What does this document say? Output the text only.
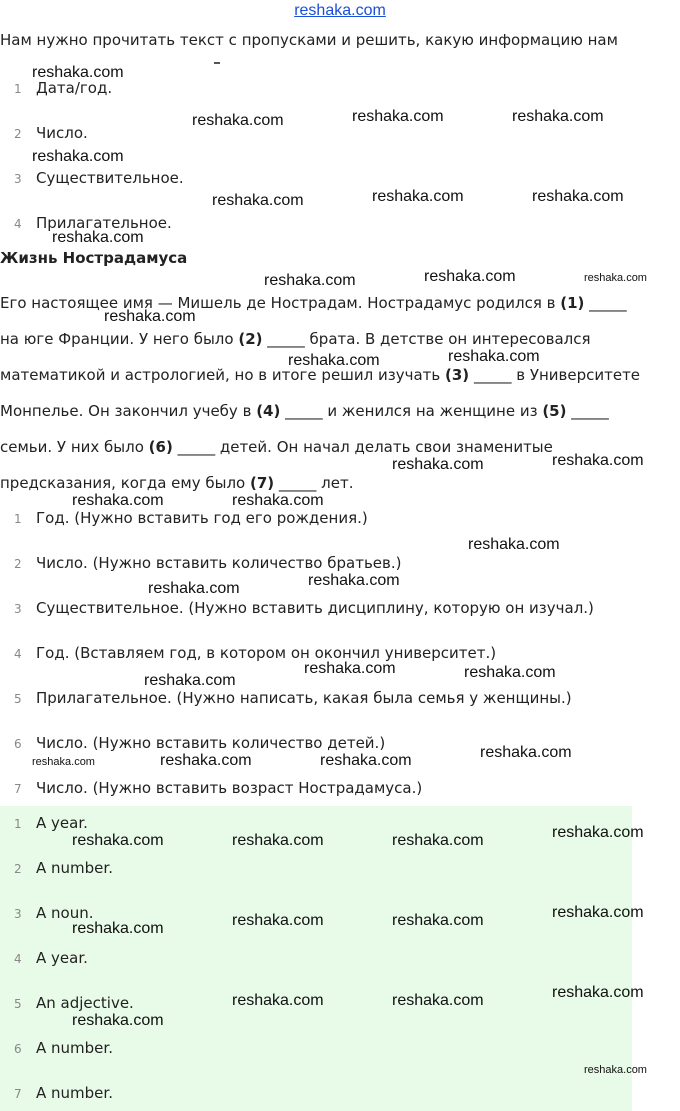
reshaka.com
Нам нужно прочитать текст с пропусками и решить, какую информацию нам
1 Дата/год.
2 Число.
3 Существительное.
4 Прилагательное.
Жизнь Нострадамуса
Его настоящее имя — Мишель де Нострадам. Нострадамус родился в (1) _____
на юге Франции. У него было (2) _____ брата. В детстве он интересовался
математикой и астрологией, но в итоге решил изучать (3) _____ в Университете
Монпелье. Он закончил учебу в (4) _____ и женился на женщине из (5) _____
семьи. У них было (6) _____ детей. Он начал делать свои знаменитые
предсказания, когда ему было (7) _____ лет.
1 Год. (Нужно вставить год его рождения.)
2 Число. (Нужно вставить количество братьев.)
3 Существительное. (Нужно вставить дисциплину, которую он изучал.)
4 Год. (Вставляем год, в котором он окончил университет.)
5 Прилагательное. (Нужно написать, какая была семья у женщины.)
6 Число. (Нужно вставить количество детей.)
7 Число. (Нужно вставить возраст Нострадамуса.)
1 A year.
2 A number.
3 A noun.
4 A year.
5 An adjective.
6 A number.
7 A number.
reshaka.com
reshaka.com	reshaka.com	reshaka.com
reshaka.com
reshaka.com	reshaka.com	reshaka.com
reshaka.com
reshaka.com	reshaka.com	reshaka.com
reshaka.com
reshaka.com	reshaka.com
reshaka.com	reshaka.com
reshaka.com	reshaka.com
reshaka.com
reshaka.com	reshaka.com
reshaka.com	reshaka.com
reshaka.com
reshaka.com
reshaka.com	reshaka.com	reshaka.com
reshaka.com
reshaka.com	reshaka.com	reshaka.com
reshaka.com
reshaka.com	reshaka.com	reshaka.com
reshaka.com
reshaka.com	reshaka.com
reshaka.com
reshaka.com
